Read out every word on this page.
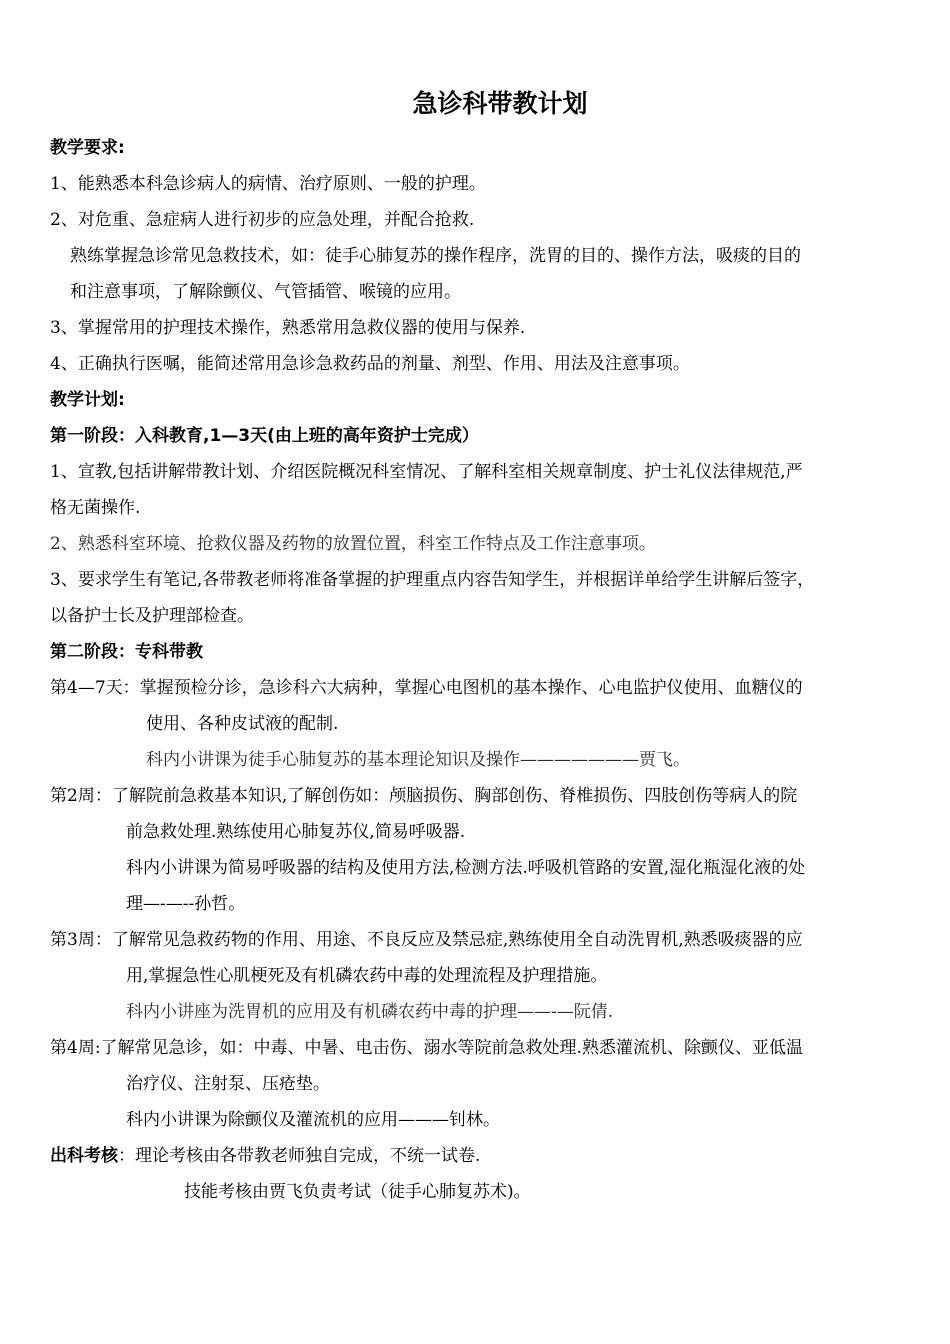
急诊科带教计划
教学要求:
1、能熟悉本科急诊病人的病情、治疗原则、一般的护理。
2、对危重、急症病人进行初步的应急处理，并配合抢救.
熟练掌握急诊常见急救技术，如：徒手心肺复苏的操作程序，洗胃的目的、操作方法，吸痰的目的
和注意事项，了解除颤仪、气管插管、喉镜的应用。
3、掌握常用的护理技术操作，熟悉常用急救仪器的使用与保养.
4、正确执行医嘱，能简述常用急诊急救药品的剂量、剂型、作用、用法及注意事项。
教学计划:
第一阶段：入科教育,1—3天(由上班的高年资护士完成）
1、宣教,包括讲解带教计划、介绍医院概况科室情况、了解科室相关规章制度、护士礼仪法律规范,严
格无菌操作.
2、熟悉科室环境、抢救仪器及药物的放置位置，科室工作特点及工作注意事项。
3、要求学生有笔记,各带教老师将准备掌握的护理重点内容告知学生，并根据详单给学生讲解后签字，
以备护士长及护理部检查。
第二阶段：专科带教
第4—7天：掌握预检分诊，急诊科六大病种，掌握心电图机的基本操作、心电监护仪使用、血糖仪的
使用、各种皮试液的配制.
科内小讲课为徒手心肺复苏的基本理论知识及操作———————贾飞。
第2周：了解院前急救基本知识,了解创伤如：颅脑损伤、胸部创伤、脊椎损伤、四肢创伤等病人的院
前急救处理.熟练使用心肺复苏仪,简易呼吸器.
科内小讲课为简易呼吸器的结构及使用方法,检测方法.呼吸机管路的安置,湿化瓶湿化液的处
理—-—--孙哲。
第3周：了解常见急救药物的作用、用途、不良反应及禁忌症,熟练使用全自动洗胃机,熟悉吸痰器的应
用,掌握急性心肌梗死及有机磷农药中毒的处理流程及护理措施。
科内小讲座为洗胃机的应用及有机磷农药中毒的护理——-—阮倩.
第4周:了解常见急诊，如：中毒、中暑、电击伤、溺水等院前急救处理.熟悉灌流机、除颤仪、亚低温
治疗仪、注射泵、压疮垫。
科内小讲课为除颤仪及灌流机的应用———钊林。
出科考核：理论考核由各带教老师独自完成，不统一试卷.
技能考核由贾飞负责考试（徒手心肺复苏术)。
